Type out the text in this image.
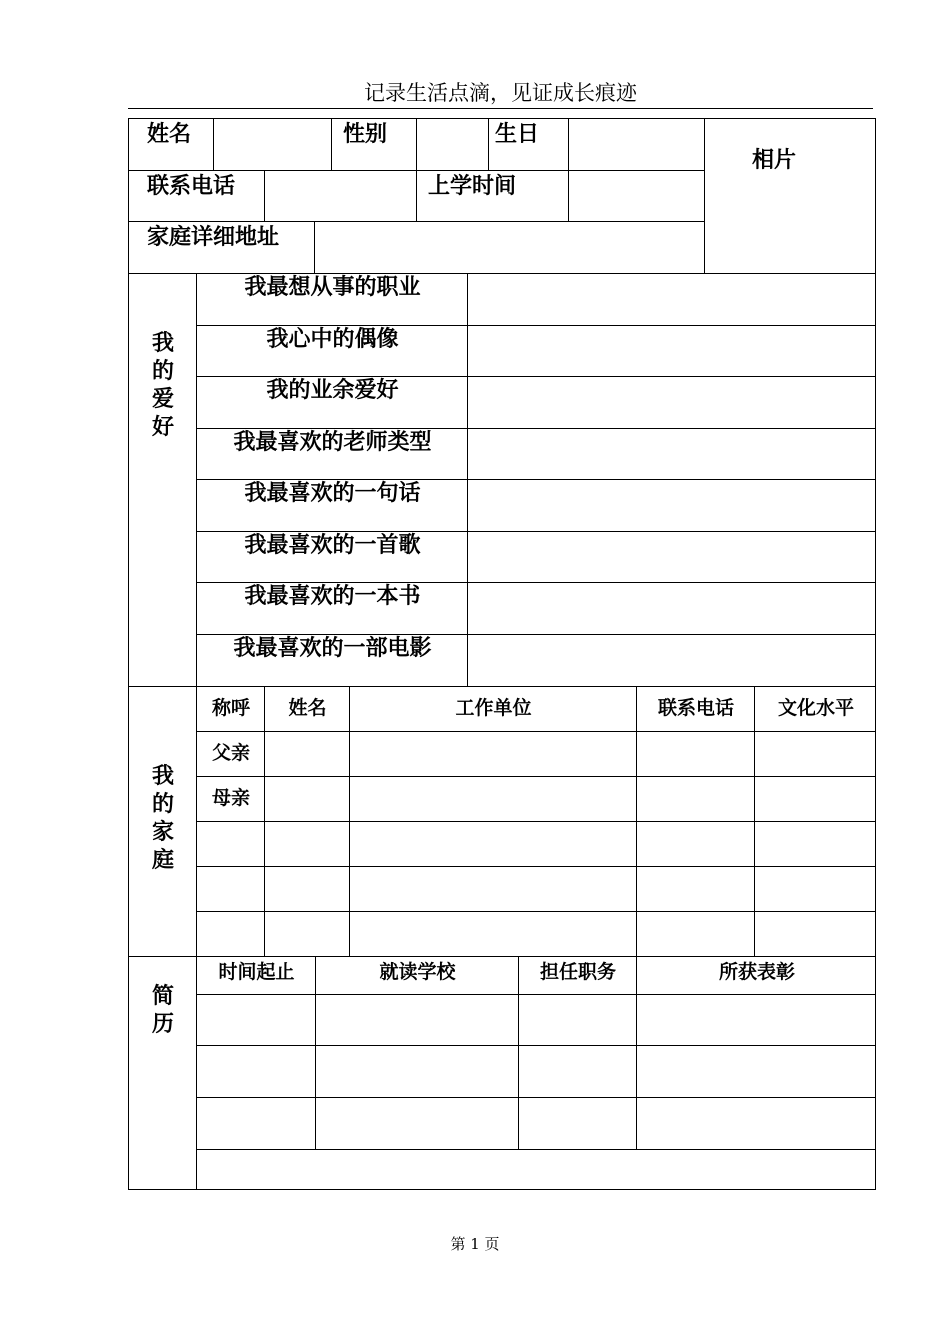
记录生活点滴，见证成长痕迹
姓名	性别	生日
相片
联系电话	上学时间
家庭详细地址
我的爱好
我最想从事的职业
我心中的偶像
我的业余爱好
我最喜欢的老师类型
我最喜欢的一句话
我最喜欢的一首歌
我最喜欢的一本书
我最喜欢的一部电影
我的家庭
称呼	姓名	工作单位	联系电话	文化水平
父亲
母亲
简历
时间起止	就读学校	担任职务	所获表彰
第 1 页
